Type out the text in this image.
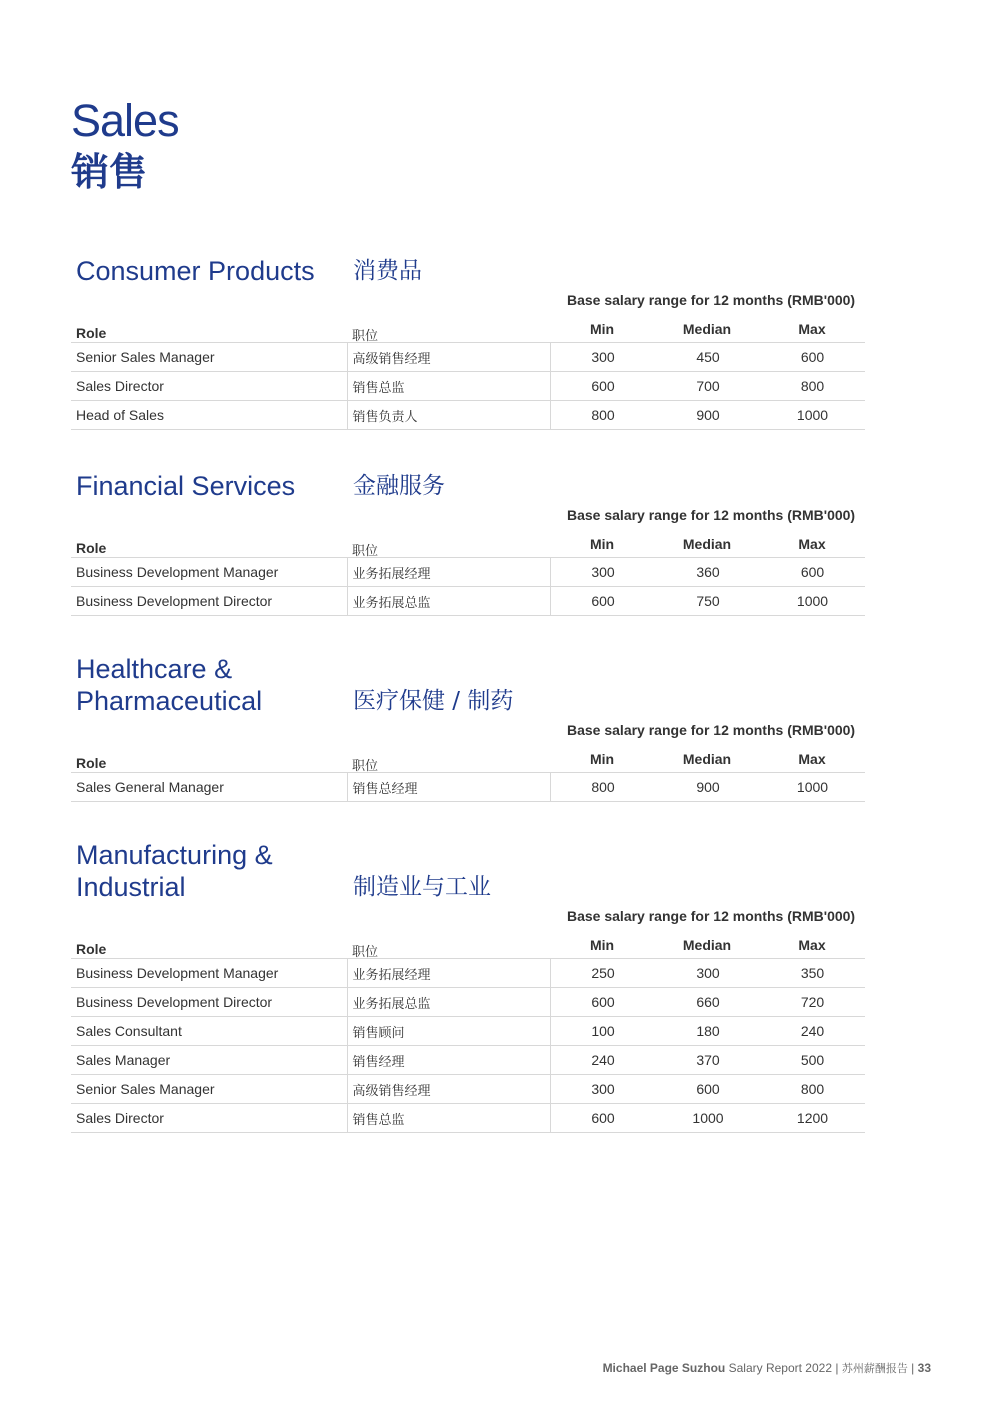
Sales
销售
Consumer Products 消费品
Base salary range for 12 months (RMB'000)
Role	职位	Min	Median	Max
Senior Sales Manager	高级销售经理	300	450	600
Sales Director	销售总监	600	700	800
Head of Sales	销售负责人	800	900	1000
Financial Services	金融服务
Base salary range for 12 months (RMB'000)
Role	职位	Min	Median	Max
Business Development Manager	业务拓展经理	300	360	600
Business Development Director	业务拓展总监	600	750	1000
Healthcare &
Pharmaceutical	医疗保健 / 制药
Base salary range for 12 months (RMB'000)
Role	职位	Min	Median	Max
Sales General Manager	销售总经理	800	900	1000
Manufacturing &
Industrial	制造业与工业
Base salary range for 12 months (RMB'000)
Role	职位	Min	Median	Max
Business Development Manager	业务拓展经理	250	300	350
Business Development Director	业务拓展总监	600	660	720
Sales Consultant	销售顾问	100	180	240
Sales Manager	销售经理	240	370	500
Senior Sales Manager	高级销售经理	300	600	800
Sales Director	销售总监	600	1000	1200
Michael Page Suzhou Salary Report 2022 | 苏州薪酬报告 | 33
